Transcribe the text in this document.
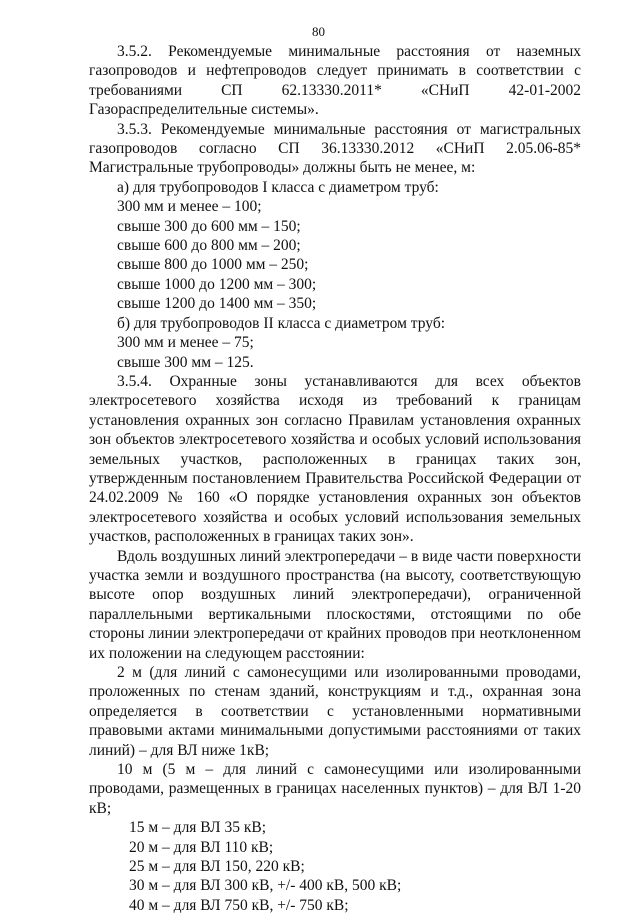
80

3.5.2. Рекомендуемые минимальные расстояния от наземных газопроводов и нефтепроводов следует принимать в соответствии с требованиями СП 62.13330.2011* «СНиП 42-01-2002 Газораспределительные системы».

3.5.3. Рекомендуемые минимальные расстояния от магистральных газопроводов согласно СП 36.13330.2012 «СНиП 2.05.06-85* Магистральные трубопроводы» должны быть не менее, м:

а) для трубопроводов I класса с диаметром труб:

300 мм и менее – 100;

свыше 300 до 600 мм – 150;

свыше 600 до 800 мм – 200;

свыше 800 до 1000 мм – 250;

свыше 1000 до 1200 мм – 300;

свыше 1200 до 1400 мм – 350;

б) для трубопроводов II класса с диаметром труб:

300 мм и менее – 75;

свыше 300 мм – 125.

3.5.4. Охранные зоны устанавливаются для всех объектов электросетевого хозяйства исходя из требований к границам установления охранных зон согласно Правилам установления охранных зон объектов электросетевого хозяйства и особых условий использования земельных участков, расположенных в границах таких зон, утвержденным постановлением Правительства Российской Федерации от 24.02.2009 № 160 «О порядке установления охранных зон объектов электросетевого хозяйства и особых условий использования земельных участков, расположенных в границах таких зон».

Вдоль воздушных линий электропередачи – в виде части поверхности участка земли и воздушного пространства (на высоту, соответствующую высоте опор воздушных линий электропередачи), ограниченной параллельными вертикальными плоскостями, отстоящими по обе стороны линии электропередачи от крайних проводов при неотклоненном их положении на следующем расстоянии:

2 м (для линий с самонесущими или изолированными проводами, проложенных по стенам зданий, конструкциям и т.д., охранная зона определяется в соответствии с установленными нормативными правовыми актами минимальными допустимыми расстояниями от таких линий) – для ВЛ ниже 1кВ;

10 м (5 м – для линий с самонесущими или изолированными проводами, размещенных в границах населенных пунктов) – для ВЛ 1-20 кВ;

15 м – для ВЛ 35 кВ;

20 м – для ВЛ 110 кВ;

25 м – для ВЛ 150, 220 кВ;

30 м – для ВЛ 300 кВ, +/- 400 кВ, 500 кВ;

40 м – для ВЛ 750 кВ, +/- 750 кВ;
